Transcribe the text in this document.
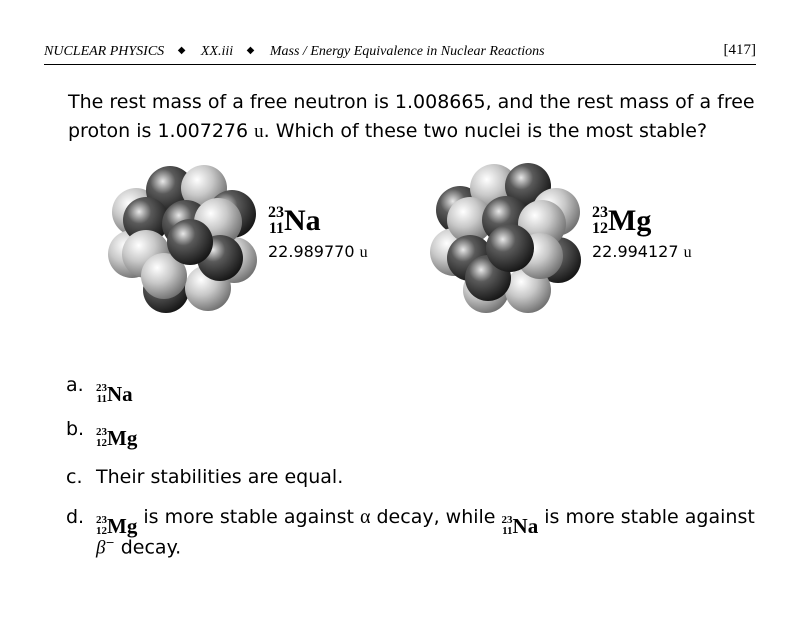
NUCLEAR PHYSICS ◆ XX.iii ◆ Mass / Energy Equivalence in Nuclear Reactions	[417]
The rest mass of a free neutron is 1.008665, and the rest mass of a free proton is 1.007276 u. Which of these two nuclei is the most stable?
23
11 Na
22.989770 u
23
12 Mg
22.994127 u
a. 23
11 Na
b. 23
12 Mg
c. Their stabilities are equal.
d. 23
12 Mg is more stable against α decay, while 23
11 Na is more stable against
β− decay.
